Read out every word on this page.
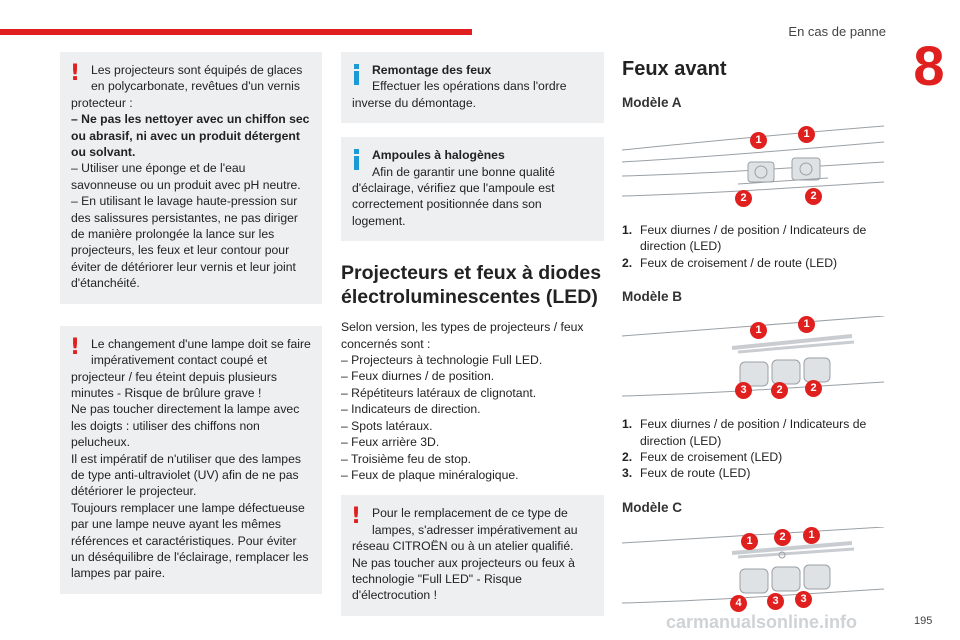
En cas de panne
8
! Les projecteurs sont équipés de glaces
en polycarbonate, revêtues d'un vernis
protecteur :
– Ne pas les nettoyer avec un chiffon sec ou abrasif, ni avec un produit détergent ou solvant.
– Utiliser une éponge et de l'eau savonneuse ou un produit avec pH neutre.
– En utilisant le lavage haute-pression sur des salissures persistantes, ne pas diriger de manière prolongée la lance sur les projecteurs, les feux et leur contour pour éviter de détériorer leur vernis et leur joint d'étanchéité.
! Le changement d'une lampe doit se faire
impérativement contact coupé et
projecteur / feu éteint depuis plusieurs minutes - Risque de brûlure grave !
Ne pas toucher directement la lampe avec les doigts : utiliser des chiffons non pelucheux.
Il est impératif de n'utiliser que des lampes de type anti-ultraviolet (UV) afin de ne pas détériorer le projecteur.
Toujours remplacer une lampe défectueuse par une lampe neuve ayant les mêmes références et caractéristiques. Pour éviter un déséquilibre de l'éclairage, remplacer les lampes par paire.
Remontage des feux
Effectuer les opérations dans l'ordre
inverse du démontage.
Ampoules à halogènes
Afin de garantir une bonne qualité
d'éclairage, vérifiez que l'ampoule est correctement positionnée dans son logement.
Projecteurs et feux à diodes électroluminescentes (LED)
Selon version, les types de projecteurs / feux concernés sont :
– Projecteurs à technologie Full LED.
– Feux diurnes / de position.
– Répétiteurs latéraux de clignotant.
– Indicateurs de direction.
– Spots latéraux.
– Feux arrière 3D.
– Troisième feu de stop.
– Feux de plaque minéralogique.
! Pour le remplacement de ce type de
lampes, s'adresser impérativement au
réseau CITROËN ou à un atelier qualifié.
Ne pas toucher aux projecteurs ou feux à technologie "Full LED" - Risque d'électrocution !
Feux avant
Modèle A
1	1
2	2
1. Feux diurnes / de position / Indicateurs de direction (LED)
2. Feux de croisement / de route (LED)
Modèle B
1	1
3	2	2
1. Feux diurnes / de position / Indicateurs de direction (LED)
2. Feux de croisement (LED)
3. Feux de route (LED)
Modèle C
1	2	1
4	3	3
carmanualsonline.info	195
